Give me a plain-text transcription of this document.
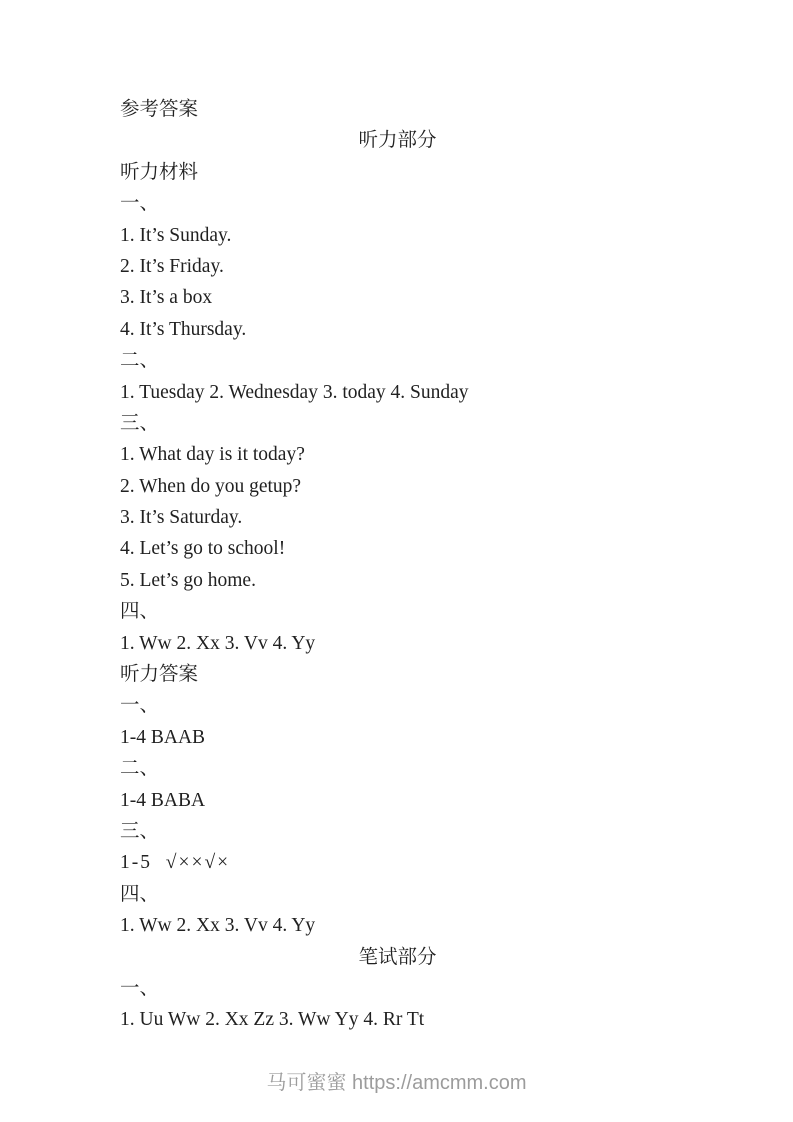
参考答案

听力部分

听力材料

一、

1. It’s Sunday.

2. It’s Friday.

3. It’s a box

4. It’s Thursday.

二、

1. Tuesday 2. Wednesday 3. today 4. Sunday

三、

1. What day is it today?

2. When do you getup?

3. It’s Saturday.

4. Let’s go to school!

5. Let’s go home.

四、

1. Ww 2. Xx 3. Vv 4. Yy

听力答案

一、

1-4 BAAB

二、

1-4 BABA

三、

1-5  √××√×

四、

1. Ww 2. Xx 3. Vv 4. Yy

笔试部分

一、

1. Uu Ww 2. Xx Zz 3. Ww Yy 4. Rr Tt

马可蜜蜜 https://amcmm.com
